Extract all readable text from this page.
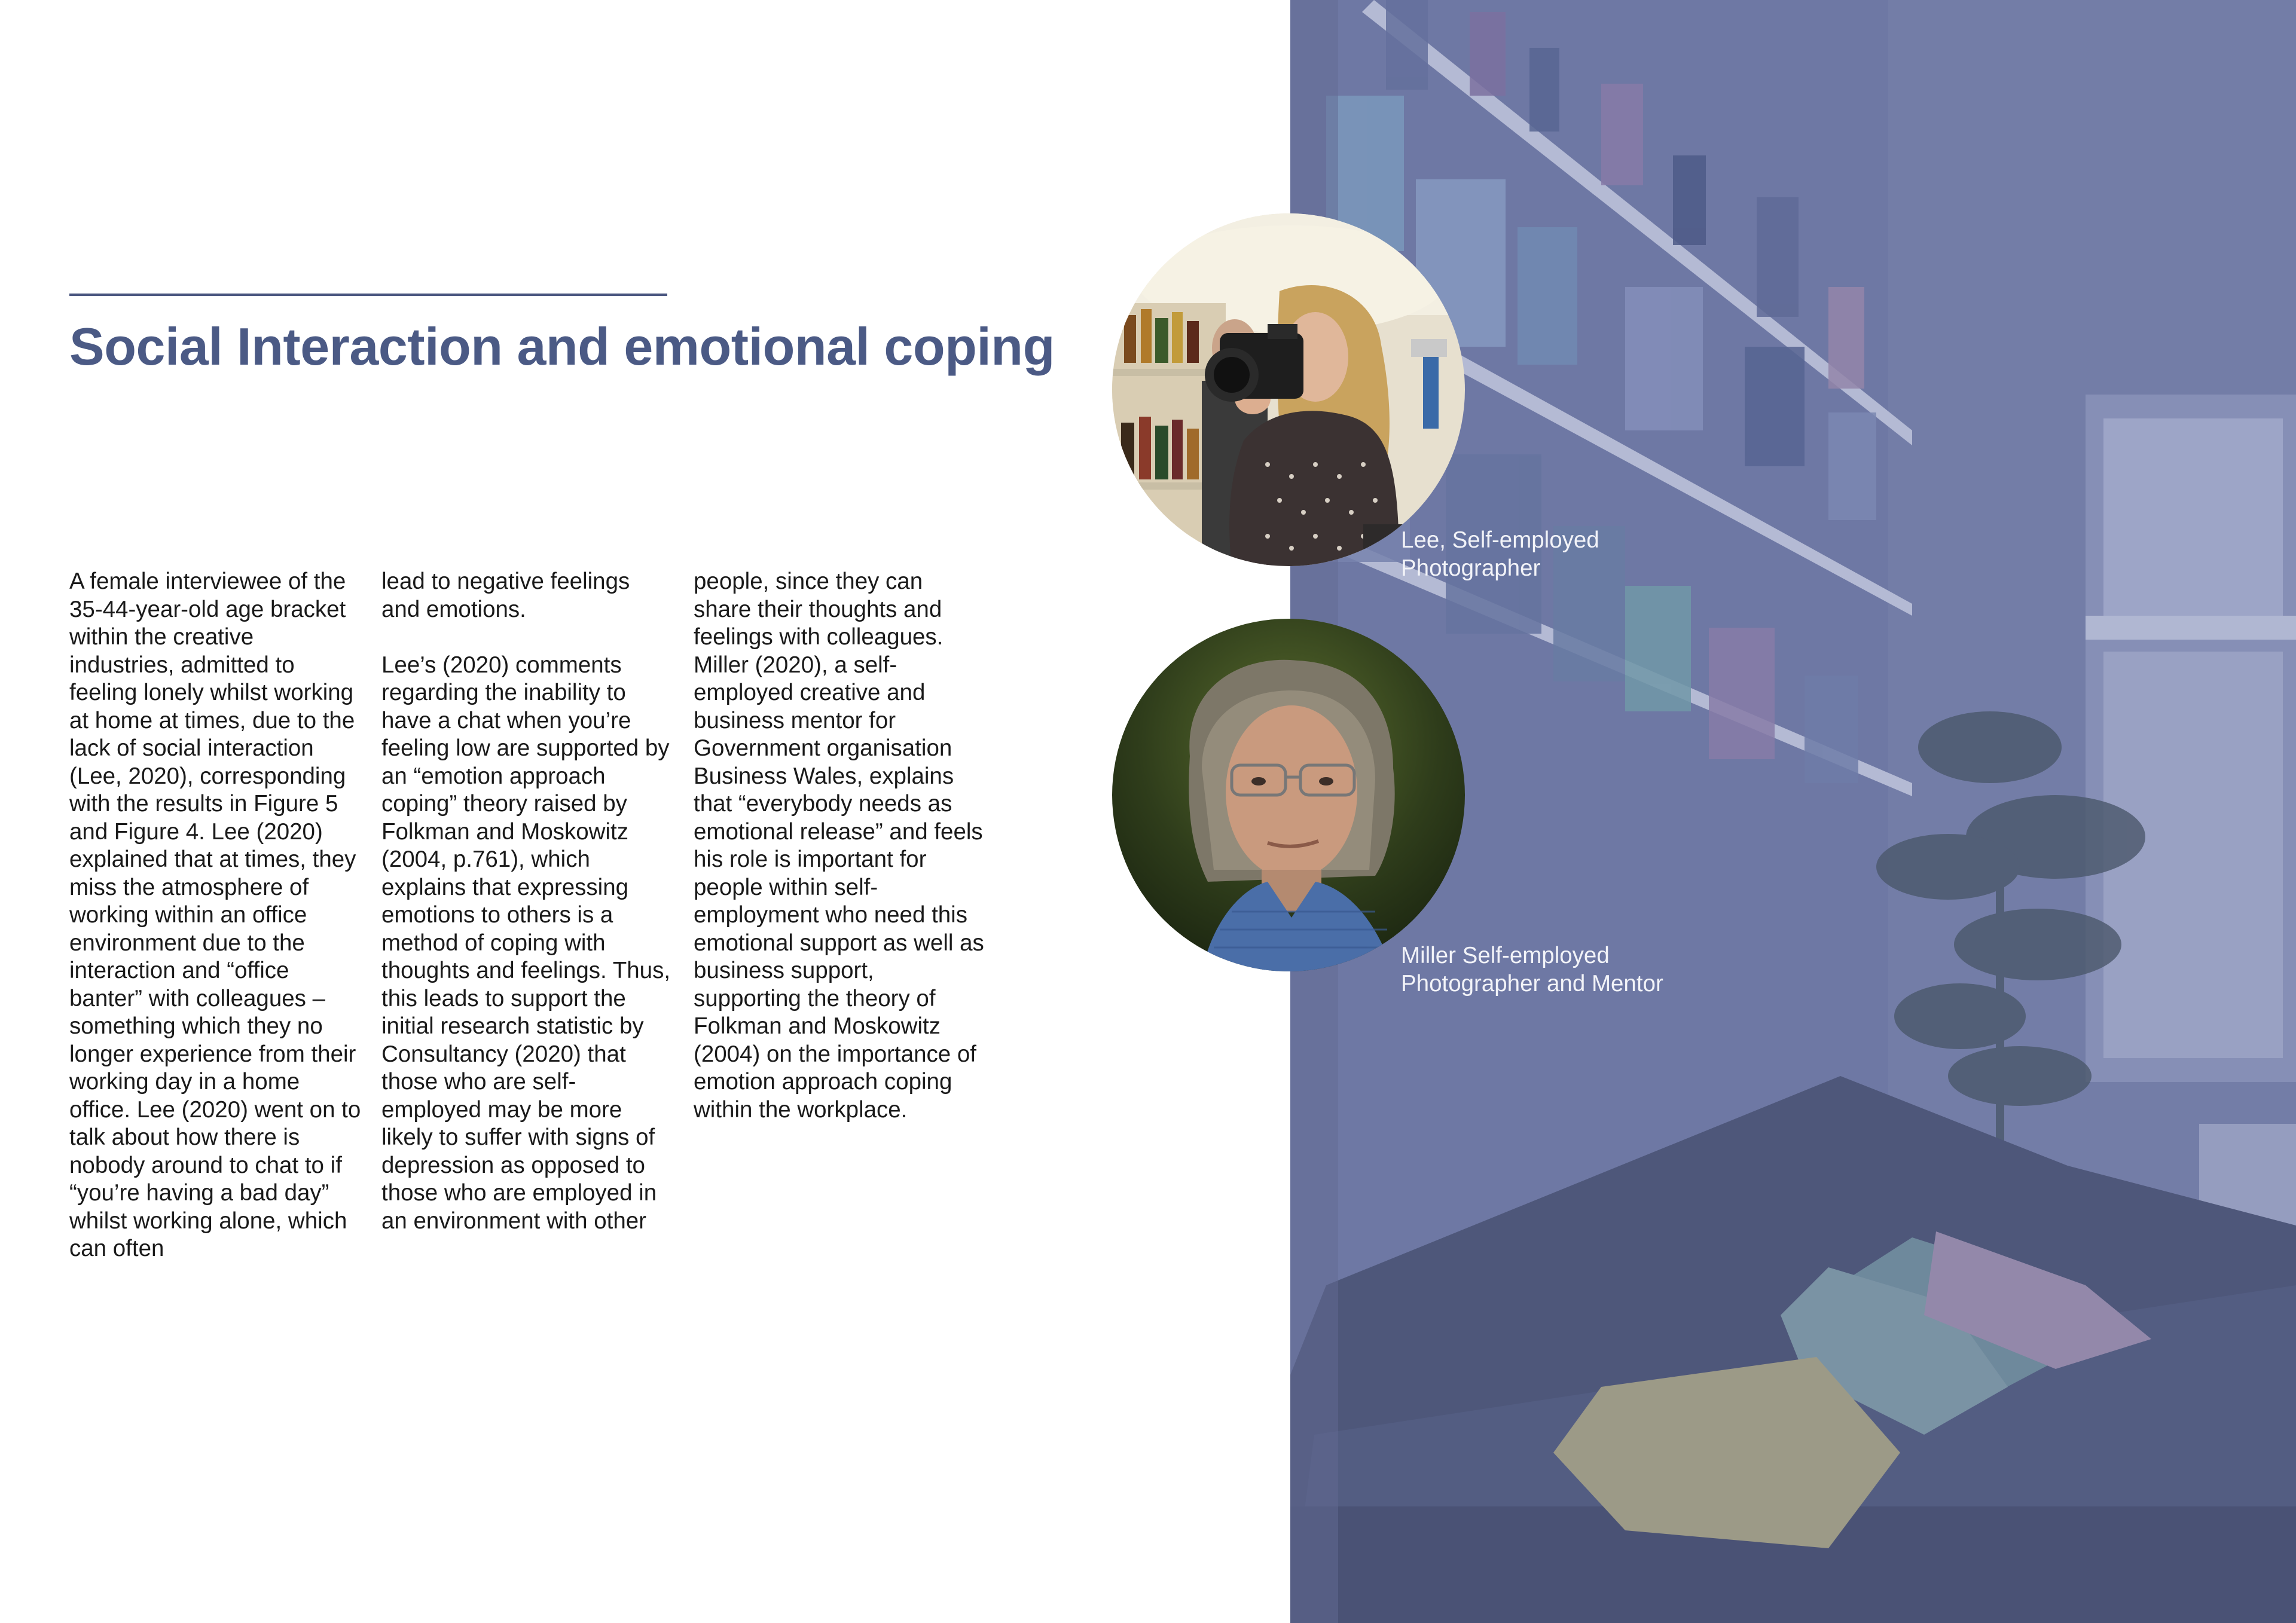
Social Interaction and emotional coping

A female interviewee of the 35-44-year-old age bracket within the creative industries, admitted to feeling lonely whilst working at home at times, due to the lack of social interaction (Lee, 2020), corresponding with the results in Figure 5 and Figure 4. Lee (2020) explained that at times, they miss the atmosphere of working within an office environment due to the interaction and “office banter” with colleagues – something which they no longer experience from their working day in a home office. Lee (2020) went on to talk about how there is nobody around to chat to if “you’re having a bad day” whilst working alone, which can often

lead to negative feelings and emotions.

Lee’s (2020) comments regarding the inability to have a chat when you’re feeling low are supported by an “emotion approach coping” theory raised by Folkman and Moskowitz (2004, p.761), which explains that expressing emotions to others is a method of coping with thoughts and feelings. Thus, this leads to support the initial research statistic by Consultancy (2020) that those who are self-employed may be more likely to suffer with signs of depression as opposed to those who are employed in an environment with other

people, since they can share their thoughts and feelings with colleagues. Miller (2020), a self-employed creative and business mentor for Government organisation Business Wales, explains that “everybody needs as emotional release” and feels his role is important for people within self-employment who need this emotional support as well as business support, supporting the theory of Folkman and Moskowitz (2004) on the importance of emotion approach coping within the workplace.

Lee, Self-employed
Photographer
Miller Self-employed
Photographer and Mentor
